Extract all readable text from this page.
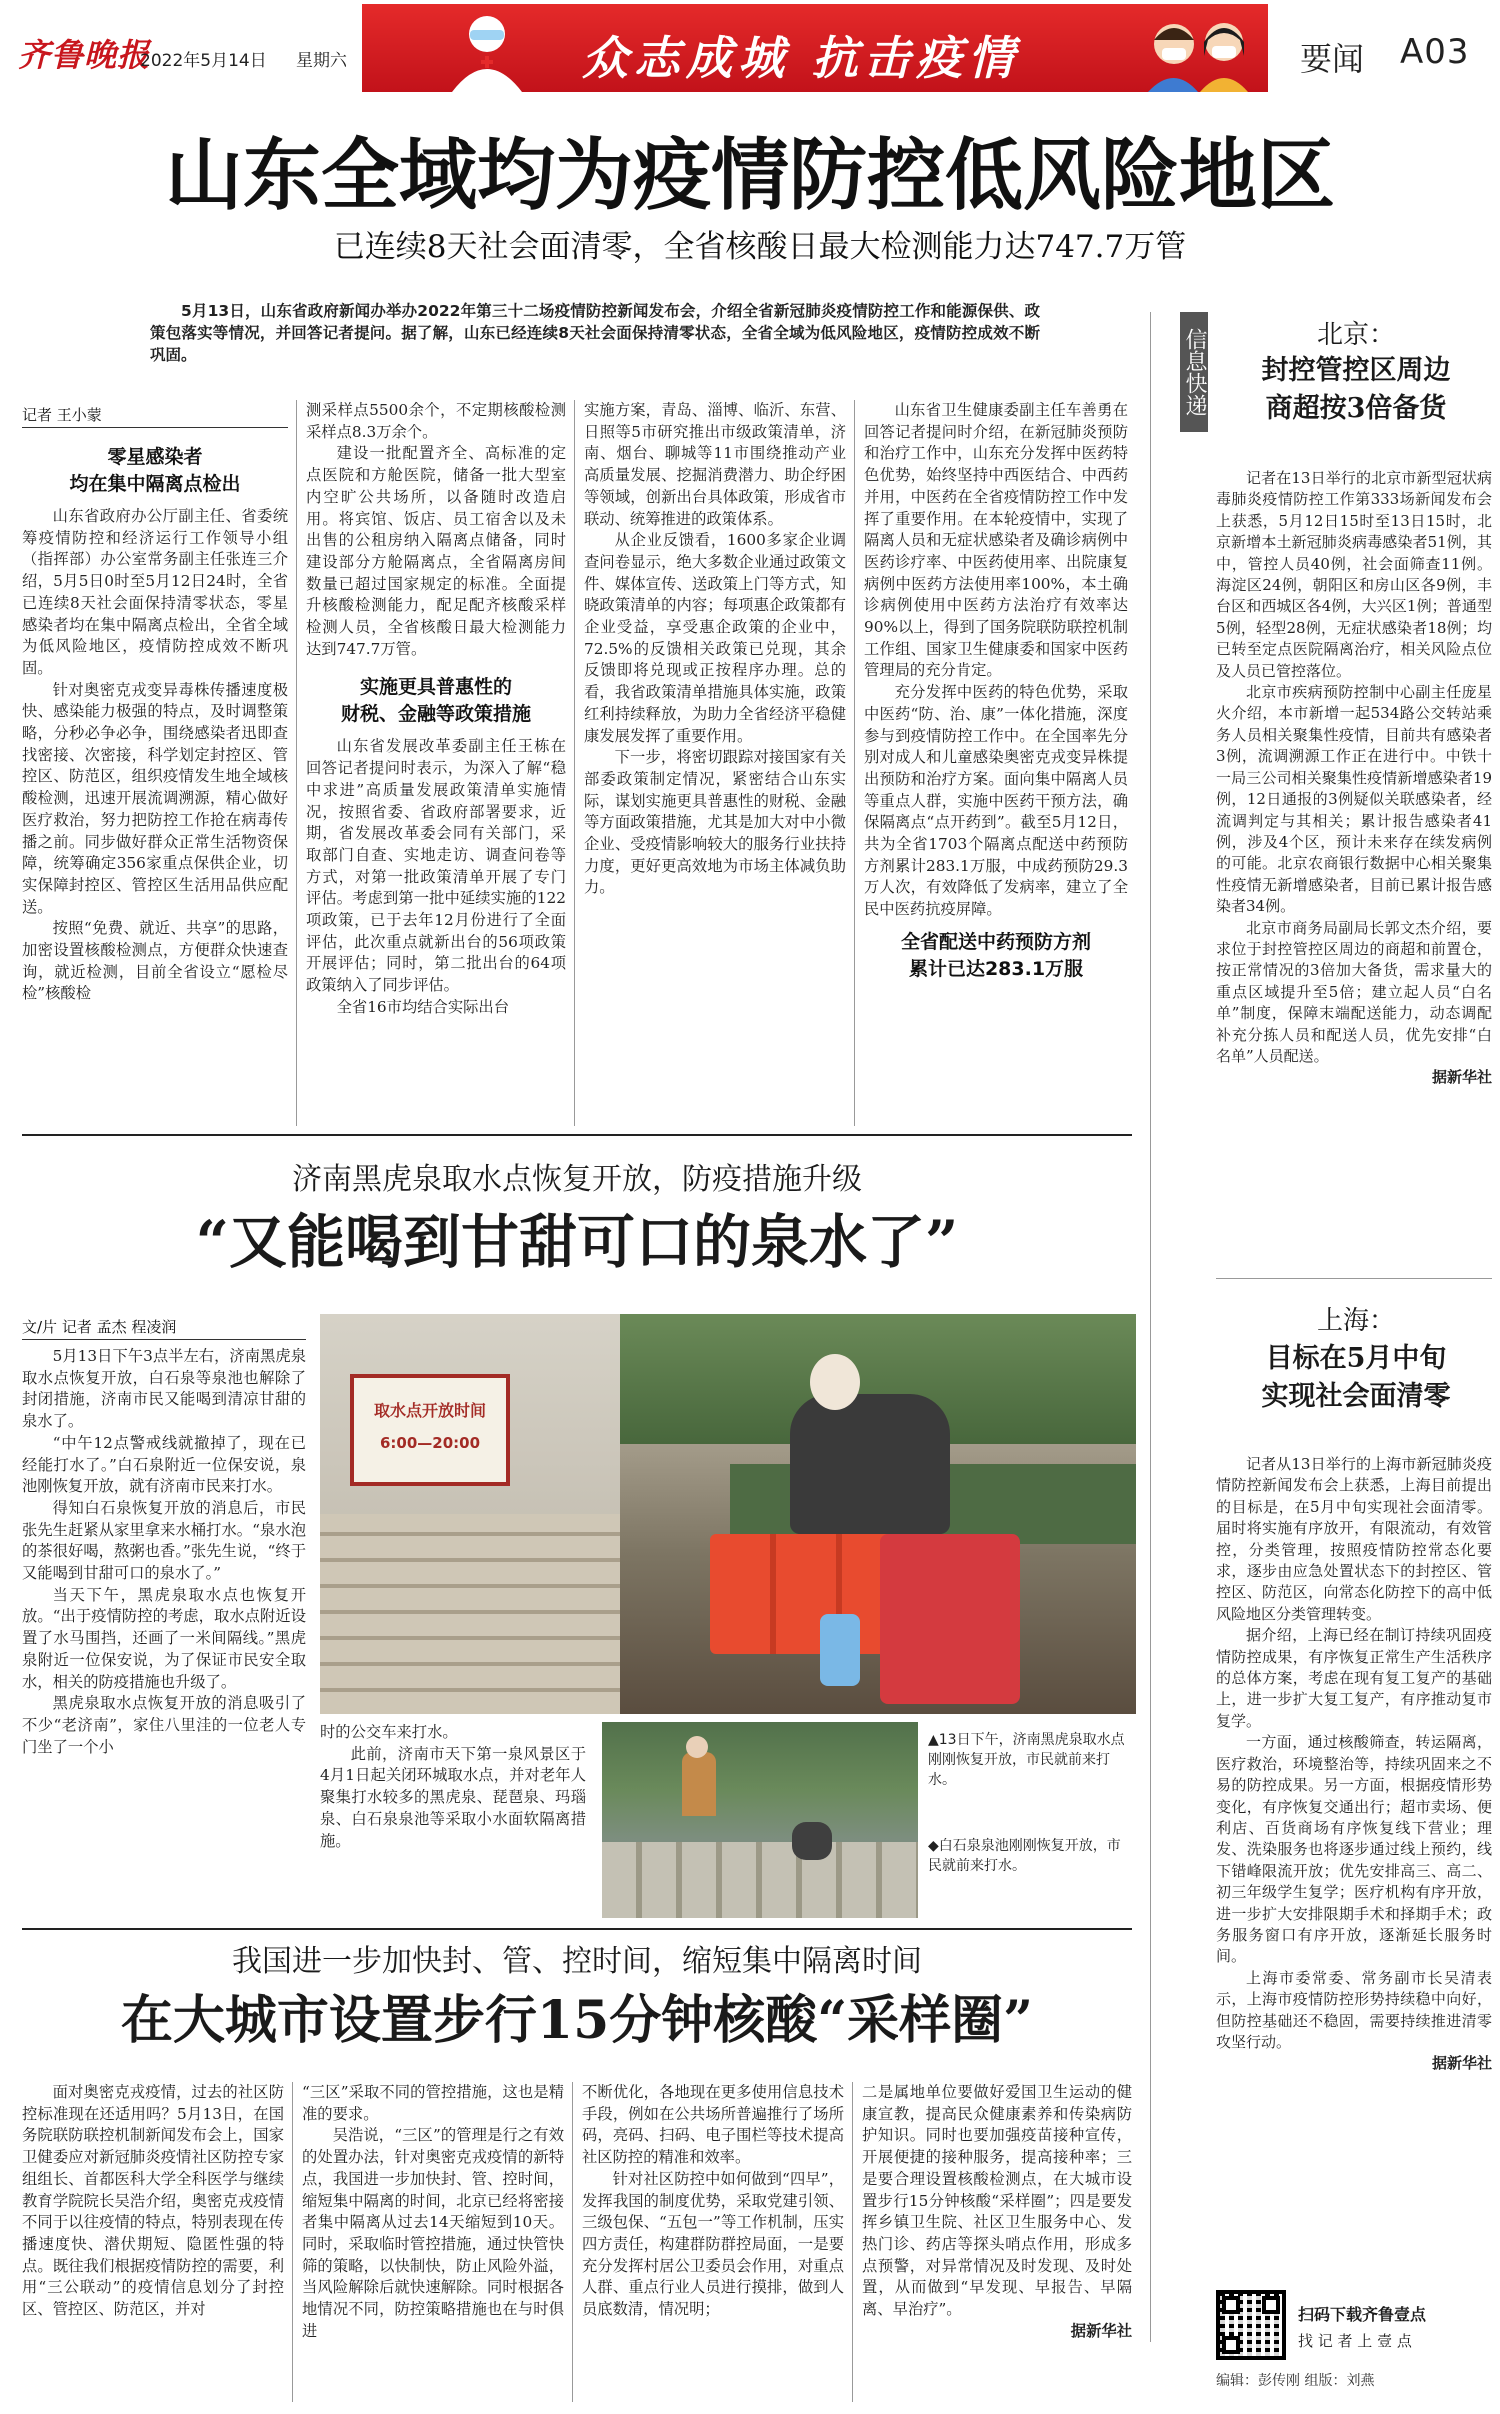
齐鲁晚报
2022年5月14日 星期六	众志成城 抗击疫情	要闻 A03
山东全域均为疫情防控低风险地区
已连续8天社会面清零，全省核酸日最大检测能力达747.7万管
5月13日，山东省政府新闻办举办2022年第三十二场疫情防控新闻发布会，介绍全省新冠肺炎疫情防控工作和能源保供、政策包落实等情况，并回答记者提问。据了解，山东已经连续8天社会面保持清零状态，全省全域为低风险地区，疫情防控成效不断巩固。
记者 王小蒙
零星感染者
均在集中隔离点检出

山东省政府办公厅副主任、省委统筹疫情防控和经济运行工作领导小组（指挥部）办公室常务副主任张连三介绍，5月5日0时至5月12日24时，全省已连续8天社会面保持清零状态，零星感染者均在集中隔离点检出，全省全域为低风险地区，疫情防控成效不断巩固。

针对奥密克戎变异毒株传播速度极快、感染能力极强的特点，及时调整策略，分秒必争必争，围绕感染者迅即查找密接、次密接，科学划定封控区、管控区、防范区，组织疫情发生地全域核酸检测，迅速开展流调溯源，精心做好医疗救治，努力把防控工作抢在病毒传播之前。同步做好群众正常生活物资保障，统筹确定356家重点保供企业，切实保障封控区、管控区生活用品供应配送。

按照“免费、就近、共享”的思路，加密设置核酸检测点，方便群众快速查询，就近检测，目前全省设立“愿检尽检”核酸检

测采样点5500余个，不定期核酸检测采样点8.3万余个。

建设一批配置齐全、高标准的定点医院和方舱医院，储备一批大型室内空旷公共场所，以备随时改造启用。将宾馆、饭店、员工宿舍以及未出售的公租房纳入隔离点储备，同时建设部分方舱隔离点，全省隔离房间数量已超过国家规定的标准。全面提升核酸检测能力，配足配齐核酸采样检测人员，全省核酸日最大检测能力达到747.7万管。

实施更具普惠性的
财税、金融等政策措施

山东省发展改革委副主任王栋在回答记者提问时表示，为深入了解“稳中求进”高质量发展政策清单实施情况，按照省委、省政府部署要求，近期，省发展改革委会同有关部门，采取部门自查、实地走访、调查问卷等方式，对第一批政策清单开展了专门评估。考虑到第一批中延续实施的122项政策，已于去年12月份进行了全面评估，此次重点就新出台的56项政策开展评估；同时，第二批出台的64项政策纳入了同步评估。

全省16市均结合实际出台

实施方案，青岛、淄博、临沂、东营、日照等5市研究推出市级政策清单，济南、烟台、聊城等11市围绕推动产业高质量发展、挖掘消费潜力、助企纾困等领域，创新出台具体政策，形成省市联动、统筹推进的政策体系。

从企业反馈看，1600多家企业调查问卷显示，绝大多数企业通过政策文件、媒体宣传、送政策上门等方式，知晓政策清单的内容；每项惠企政策都有企业受益，享受惠企政策的企业中，72.5%的反馈相关政策已兑现，其余反馈即将兑现或正按程序办理。总的看，我省政策清单措施具体实施，政策红利持续释放，为助力全省经济平稳健康发展发挥了重要作用。

下一步，将密切跟踪对接国家有关部委政策制定情况，紧密结合山东实际，谋划实施更具普惠性的财税、金融等方面政策措施，尤其是加大对中小微企业、受疫情影响较大的服务行业扶持力度，更好更高效地为市场主体减负助力。

山东省卫生健康委副主任车善勇在回答记者提问时介绍，在新冠肺炎预防和治疗工作中，山东充分发挥中医药特色优势，始终坚持中西医结合、中西药并用，中医药在全省疫情防控工作中发挥了重要作用。在本轮疫情中，实现了隔离人员和无症状感染者及确诊病例中医药诊疗率、中医药使用率、出院康复病例中医药方法使用率100%，本土确诊病例使用中医药方法治疗有效率达90%以上，得到了国务院联防联控机制工作组、国家卫生健康委和国家中医药管理局的充分肯定。

充分发挥中医药的特色优势，采取中医药“防、治、康”一体化措施，深度参与到疫情防控工作中。在全国率先分别对成人和儿童感染奥密克戎变异株提出预防和治疗方案。面向集中隔离人员等重点人群，实施中医药干预方法，确保隔离点“点开药到”。截至5月12日，共为全省1703个隔离点配送中药预防方剂累计283.1万服，中成药预防29.3万人次，有效降低了发病率，建立了全民中医药抗疫屏障。

全省配送中药预防方剂
累计已达283.1万服
信息快递	北京：
封控管控区周边
商超按3倍备货

记者在13日举行的北京市新型冠状病毒肺炎疫情防控工作第333场新闻发布会上获悉，5月12日15时至13日15时，北京新增本土新冠肺炎病毒感染者51例，其中，管控人员40例，社会面筛查11例。海淀区24例，朝阳区和房山区各9例，丰台区和西城区各4例，大兴区1例；普通型5例，轻型28例，无症状感染者18例；均已转至定点医院隔离治疗，相关风险点位及人员已管控落位。

北京市疾病预防控制中心副主任庞星火介绍，本市新增一起534路公交转站乘务人员相关聚集性疫情，目前共有感染者3例，流调溯源工作正在进行中。中铁十一局三公司相关聚集性疫情新增感染者19例，12日通报的3例疑似关联感染者，经流调判定与其相关；累计报告感染者41例，涉及4个区，预计未来存在续发病例的可能。北京农商银行数据中心相关聚集性疫情无新增感染者，目前已累计报告感染者34例。

北京市商务局副局长郭文杰介绍，要求位于封控管控区周边的商超和前置仓，按正常情况的3倍加大备货，需求量大的重点区域提升至5倍；建立起人员“白名单”制度，保障末端配送能力，动态调配补充分拣人员和配送人员，优先安排“白名单”人员配送。

据新华社
上海：
目标在5月中旬
实现社会面清零

记者从13日举行的上海市新冠肺炎疫情防控新闻发布会上获悉，上海目前提出的目标是，在5月中旬实现社会面清零。届时将实施有序放开，有限流动，有效管控，分类管理，按照疫情防控常态化要求，逐步由应急处置状态下的封控区、管控区、防范区，向常态化防控下的高中低风险地区分类管理转变。

据介绍，上海已经在制订持续巩固疫情防控成果，有序恢复正常生产生活秩序的总体方案，考虑在现有复工复产的基础上，进一步扩大复工复产，有序推动复市复学。

一方面，通过核酸筛查，转运隔离，医疗救治，环境整治等，持续巩固来之不易的防控成果。另一方面，根据疫情形势变化，有序恢复交通出行；超市卖场、便利店、百货商场有序恢复线下营业；理发、洗染服务也将逐步通过线上预约，线下错峰限流开放；优先安排高三、高二、初三年级学生复学；医疗机构有序开放，进一步扩大安排限期手术和择期手术；政务服务窗口有序开放，逐渐延长服务时间。

上海市委常委、常务副市长吴清表示，上海市疫情防控形势持续稳中向好，但防控基础还不稳固，需要持续推进清零攻坚行动。

据新华社
扫码下载齐鲁壹点
找 记 者 上 壹 点
编辑：彭传刚 组版：刘燕
济南黑虎泉取水点恢复开放，防疫措施升级
“又能喝到甘甜可口的泉水了”
文/片 记者 孟杰 程凌润

5月13日下午3点半左右，济南黑虎泉取水点恢复开放，白石泉等泉池也解除了封闭措施，济南市民又能喝到清凉甘甜的泉水了。

“中午12点警戒线就撤掉了，现在已经能打水了。”白石泉附近一位保安说，泉池刚恢复开放，就有济南市民来打水。

得知白石泉恢复开放的消息后，市民张先生赶紧从家里拿来水桶打水。“泉水泡的茶很好喝，熬粥也香。”张先生说，“终于又能喝到甘甜可口的泉水了。”

当天下午，黑虎泉取水点也恢复开放。“出于疫情防控的考虑，取水点附近设置了水马围挡，还画了一米间隔线。”黑虎泉附近一位保安说，为了保证市民安全取水，相关的防疫措施也升级了。

黑虎泉取水点恢复开放的消息吸引了不少“老济南”，家住八里洼的一位老人专门坐了一个小

取水点开放时间
6:00—20:00

时的公交车来打水。

此前，济南市天下第一泉风景区于4月1日起关闭环城取水点，并对老年人聚集打水较多的黑虎泉、琵琶泉、玛瑙泉、白石泉泉池等采取小水面软隔离措施。

▲13日下午，济南黑虎泉取水点刚刚恢复开放，市民就前来打水。
◆白石泉泉池刚刚恢复开放，市民就前来打水。
我国进一步加快封、管、控时间，缩短集中隔离时间
在大城市设置步行15分钟核酸“采样圈”

面对奥密克戎疫情，过去的社区防控标准现在还适用吗？5月13日，在国务院联防联控机制新闻发布会上，国家卫健委应对新冠肺炎疫情社区防控专家组组长、首都医科大学全科医学与继续教育学院院长吴浩介绍，奥密克戎疫情不同于以往疫情的特点，特别表现在传播速度快、潜伏期短、隐匿性强的特点。既往我们根据疫情防控的需要，利用“三公联动”的疫情信息划分了封控区、管控区、防范区，并对

“三区”采取不同的管控措施，这也是精准的要求。

吴浩说，“三区”的管理是行之有效的处置办法，针对奥密克戎疫情的新特点，我国进一步加快封、管、控时间，缩短集中隔离的时间，北京已经将密接者集中隔离从过去14天缩短到10天。同时，采取临时管控措施，通过快管快筛的策略，以快制快，防止风险外溢，当风险解除后就快速解除。同时根据各地情况不同，防控策略措施也在与时俱进

不断优化，各地现在更多使用信息技术手段，例如在公共场所普遍推行了场所码，亮码、扫码、电子围栏等技术提高社区防控的精准和效率。

针对社区防控中如何做到“四早”，发挥我国的制度优势，采取党建引领、三级包保、“五包一”等工作机制，压实四方责任，构建群防群控局面，一是要充分发挥村居公卫委员会作用，对重点人群、重点行业人员进行摸排，做到人员底数清，情况明；

二是属地单位要做好爱国卫生运动的健康宣教，提高民众健康素养和传染病防护知识。同时也要加强疫苗接种宣传，开展便捷的接种服务，提高接种率；三是要合理设置核酸检测点，在大城市设置步行15分钟核酸“采样圈”；四是要发挥乡镇卫生院、社区卫生服务中心、发热门诊、药店等探头哨点作用，形成多点预警，对异常情况及时发现、及时处置，从而做到“早发现、早报告、早隔离、早治疗”。

据新华社
